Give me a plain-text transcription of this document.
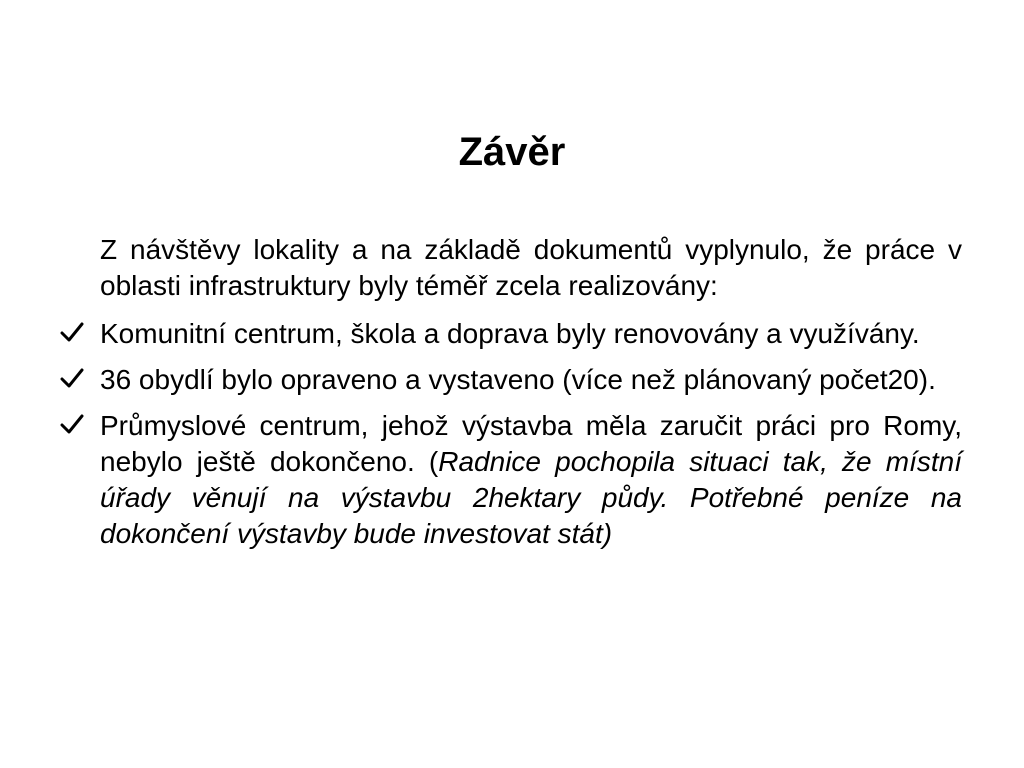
Závěr

Z návštěvy lokality a na základě dokumentů vyplynulo, že práce v oblasti infrastruktury byly téměř zcela realizovány:

Komunitní centrum, škola a doprava byly renovovány a využívány.
36 obydlí bylo opraveno a vystaveno (více než plánovaný počet20).
Průmyslové centrum, jehož výstavba měla zaručit práci pro Romy, nebylo ještě dokončeno. (Radnice pochopila situaci tak, že místní úřady věnují na výstavbu 2hektary půdy. Potřebné peníze na dokončení výstavby bude investovat stát)
